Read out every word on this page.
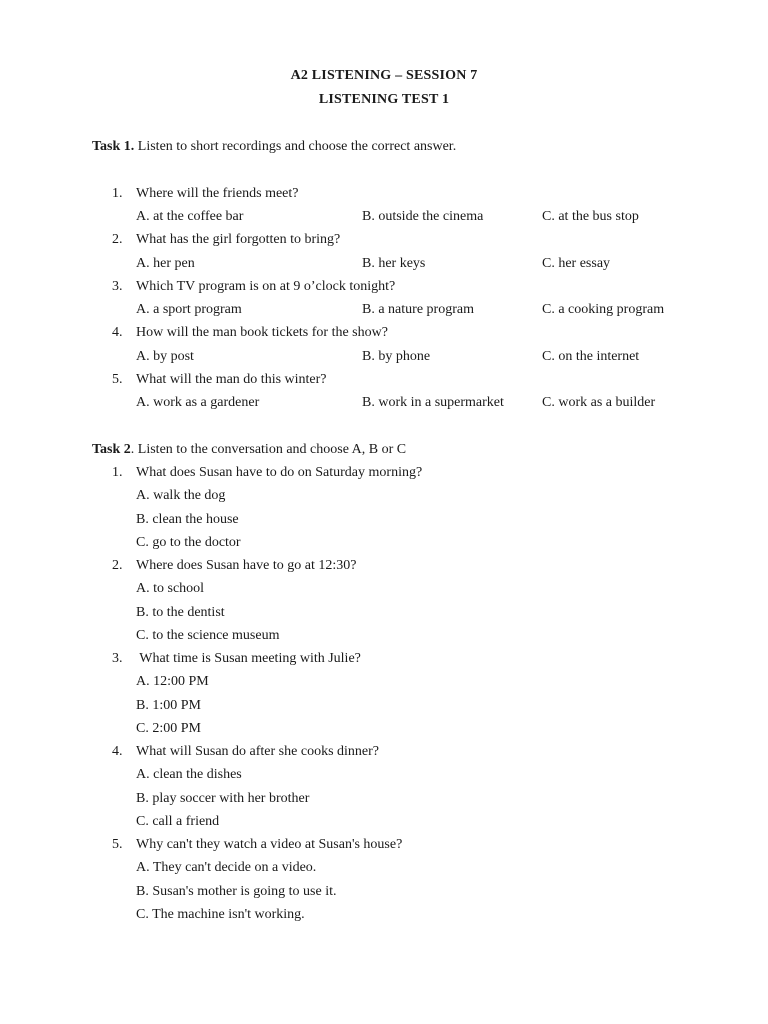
A2 LISTENING – SESSION 7
LISTENING TEST 1
Task 1. Listen to short recordings and choose the correct answer.
1. Where will the friends meet?
A. at the coffee bar	B. outside the cinema	C. at the bus stop
2. What has the girl forgotten to bring?
A. her pen	B. her keys	C. her essay
3. Which TV program is on at 9 o’clock tonight?
A. a sport program	B. a nature program	C. a cooking program
4. How will the man book tickets for the show?
A. by post	B. by phone	C. on the internet
5. What will the man do this winter?
A. work as a gardener	B. work in a supermarket	C. work as a builder
Task 2. Listen to the conversation and choose A, B or C
1. What does Susan have to do on Saturday morning?
A. walk the dog
B. clean the house
C. go to the doctor
2. Where does Susan have to go at 12:30?
A. to school
B. to the dentist
C. to the science museum
3. What time is Susan meeting with Julie?
A. 12:00 PM
B. 1:00 PM
C. 2:00 PM
4. What will Susan do after she cooks dinner?
A. clean the dishes
B. play soccer with her brother
C. call a friend
5. Why can't they watch a video at Susan's house?
A. They can't decide on a video.
B. Susan's mother is going to use it.
C. The machine isn't working.
